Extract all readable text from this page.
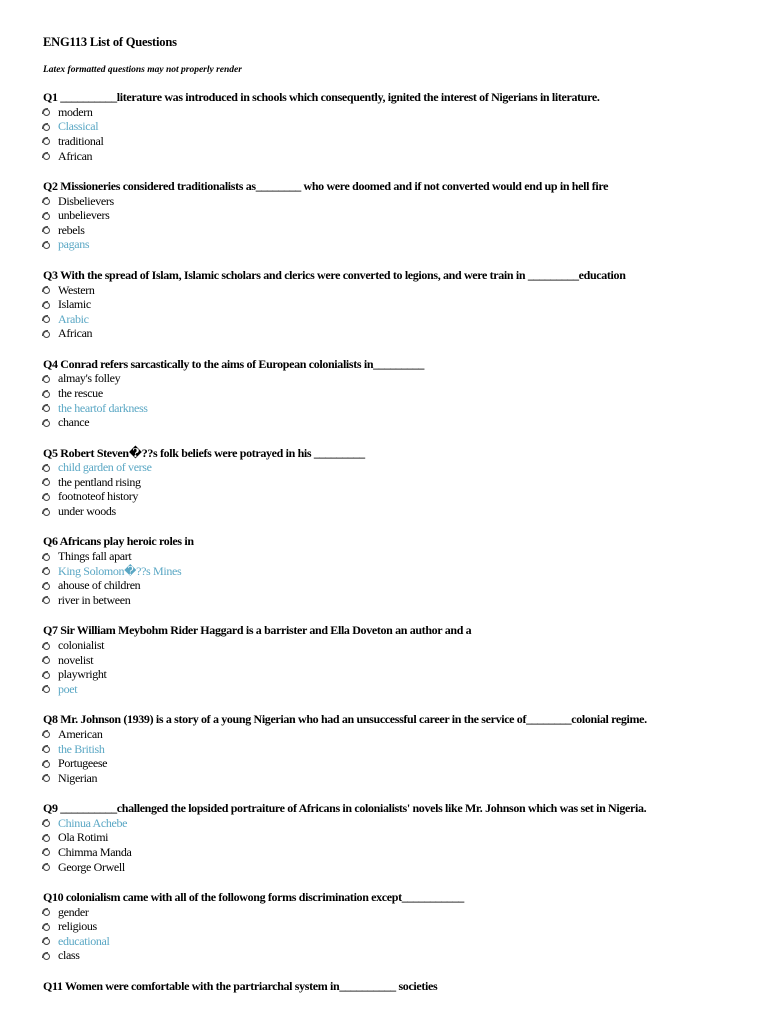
ENG113 List of Questions
Latex formatted questions may not properly render
Q1 __________literature was introduced in schools which consequently, ignited the interest of Nigerians in literature.
modern
Classical
traditional
African
Q2 Missioneries considered traditionalists as________ who were doomed and if not converted would end up in hell fire
Disbelievers
unbelievers
rebels
pagans
Q3 With the spread of Islam, Islamic scholars and clerics were converted to legions, and were train in _________education
Western
Islamic
Arabic
African
Q4 Conrad refers sarcastically to the aims of European colonialists in_________
almay's folley
the rescue
the heartof darkness
chance
Q5 Robert Steven�??s folk beliefs were potrayed in his _________
child garden of verse
the pentland rising
footnoteof history
under woods
Q6 Africans play heroic roles in
Things fall apart
King Solomon�??s Mines
ahouse of children
river in between
Q7 Sir William Meybohm Rider Haggard is a barrister and Ella Doveton an author and a
colonialist
novelist
playwright
poet
Q8 Mr. Johnson (1939) is a story of a young Nigerian who had an unsuccessful career in the service of________colonial regime.
American
the British
Portugeese
Nigerian
Q9 __________challenged the lopsided portraiture of Africans in colonialists' novels like Mr. Johnson which was set in Nigeria.
Chinua Achebe
Ola Rotimi
Chimma Manda
George Orwell
Q10 colonialism came with all of the followong forms discrimination except___________
gender
religious
educational
class
Q11 Women were comfortable with the partriarchal system in__________ societies
